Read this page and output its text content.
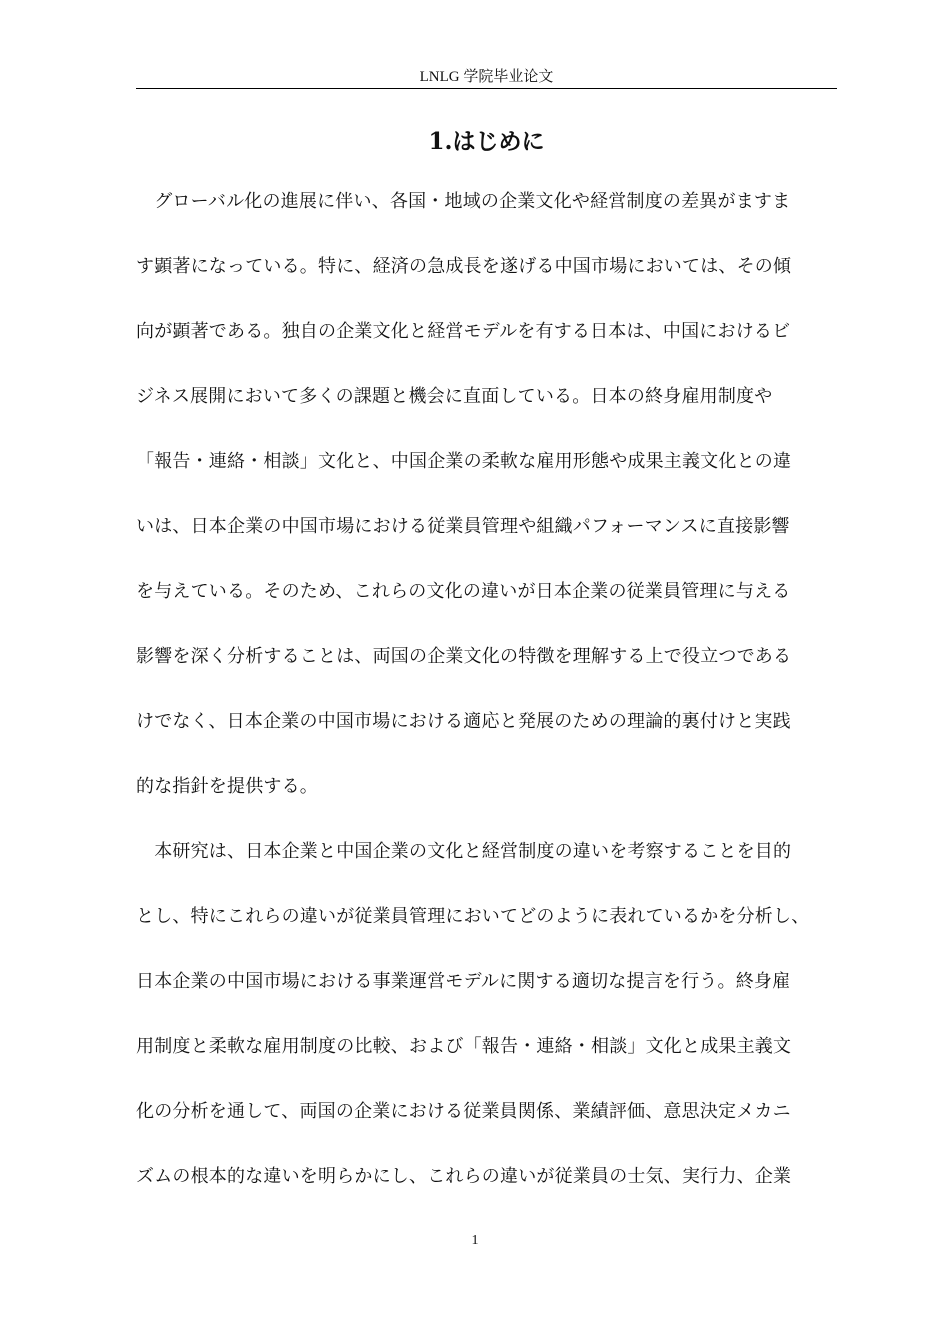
LNLG 学院毕业论文
1.はじめに
　グローバル化の進展に伴い、各国・地域の企業文化や経営制度の差異がますま
す顕著になっている。特に、経済の急成長を遂げる中国市場においては、その傾
向が顕著である。独自の企業文化と経営モデルを有する日本は、中国におけるビ
ジネス展開において多くの課題と機会に直面している。日本の終身雇用制度や
「報告・連絡・相談」文化と、中国企業の柔軟な雇用形態や成果主義文化との違
いは、日本企業の中国市場における従業員管理や組織パフォーマンスに直接影響
を与えている。そのため、これらの文化の違いが日本企業の従業員管理に与える
影響を深く分析することは、両国の企業文化の特徴を理解する上で役立つである
けでなく、日本企業の中国市場における適応と発展のための理論的裏付けと実践
的な指針を提供する。
　本研究は、日本企業と中国企業の文化と経営制度の違いを考察することを目的
とし、特にこれらの違いが従業員管理においてどのように表れているかを分析し、
日本企業の中国市場における事業運営モデルに関する適切な提言を行う。終身雇
用制度と柔軟な雇用制度の比較、および「報告・連絡・相談」文化と成果主義文
化の分析を通して、両国の企業における従業員関係、業績評価、意思決定メカニ
ズムの根本的な違いを明らかにし、これらの違いが従業員の士気、実行力、企業
1
